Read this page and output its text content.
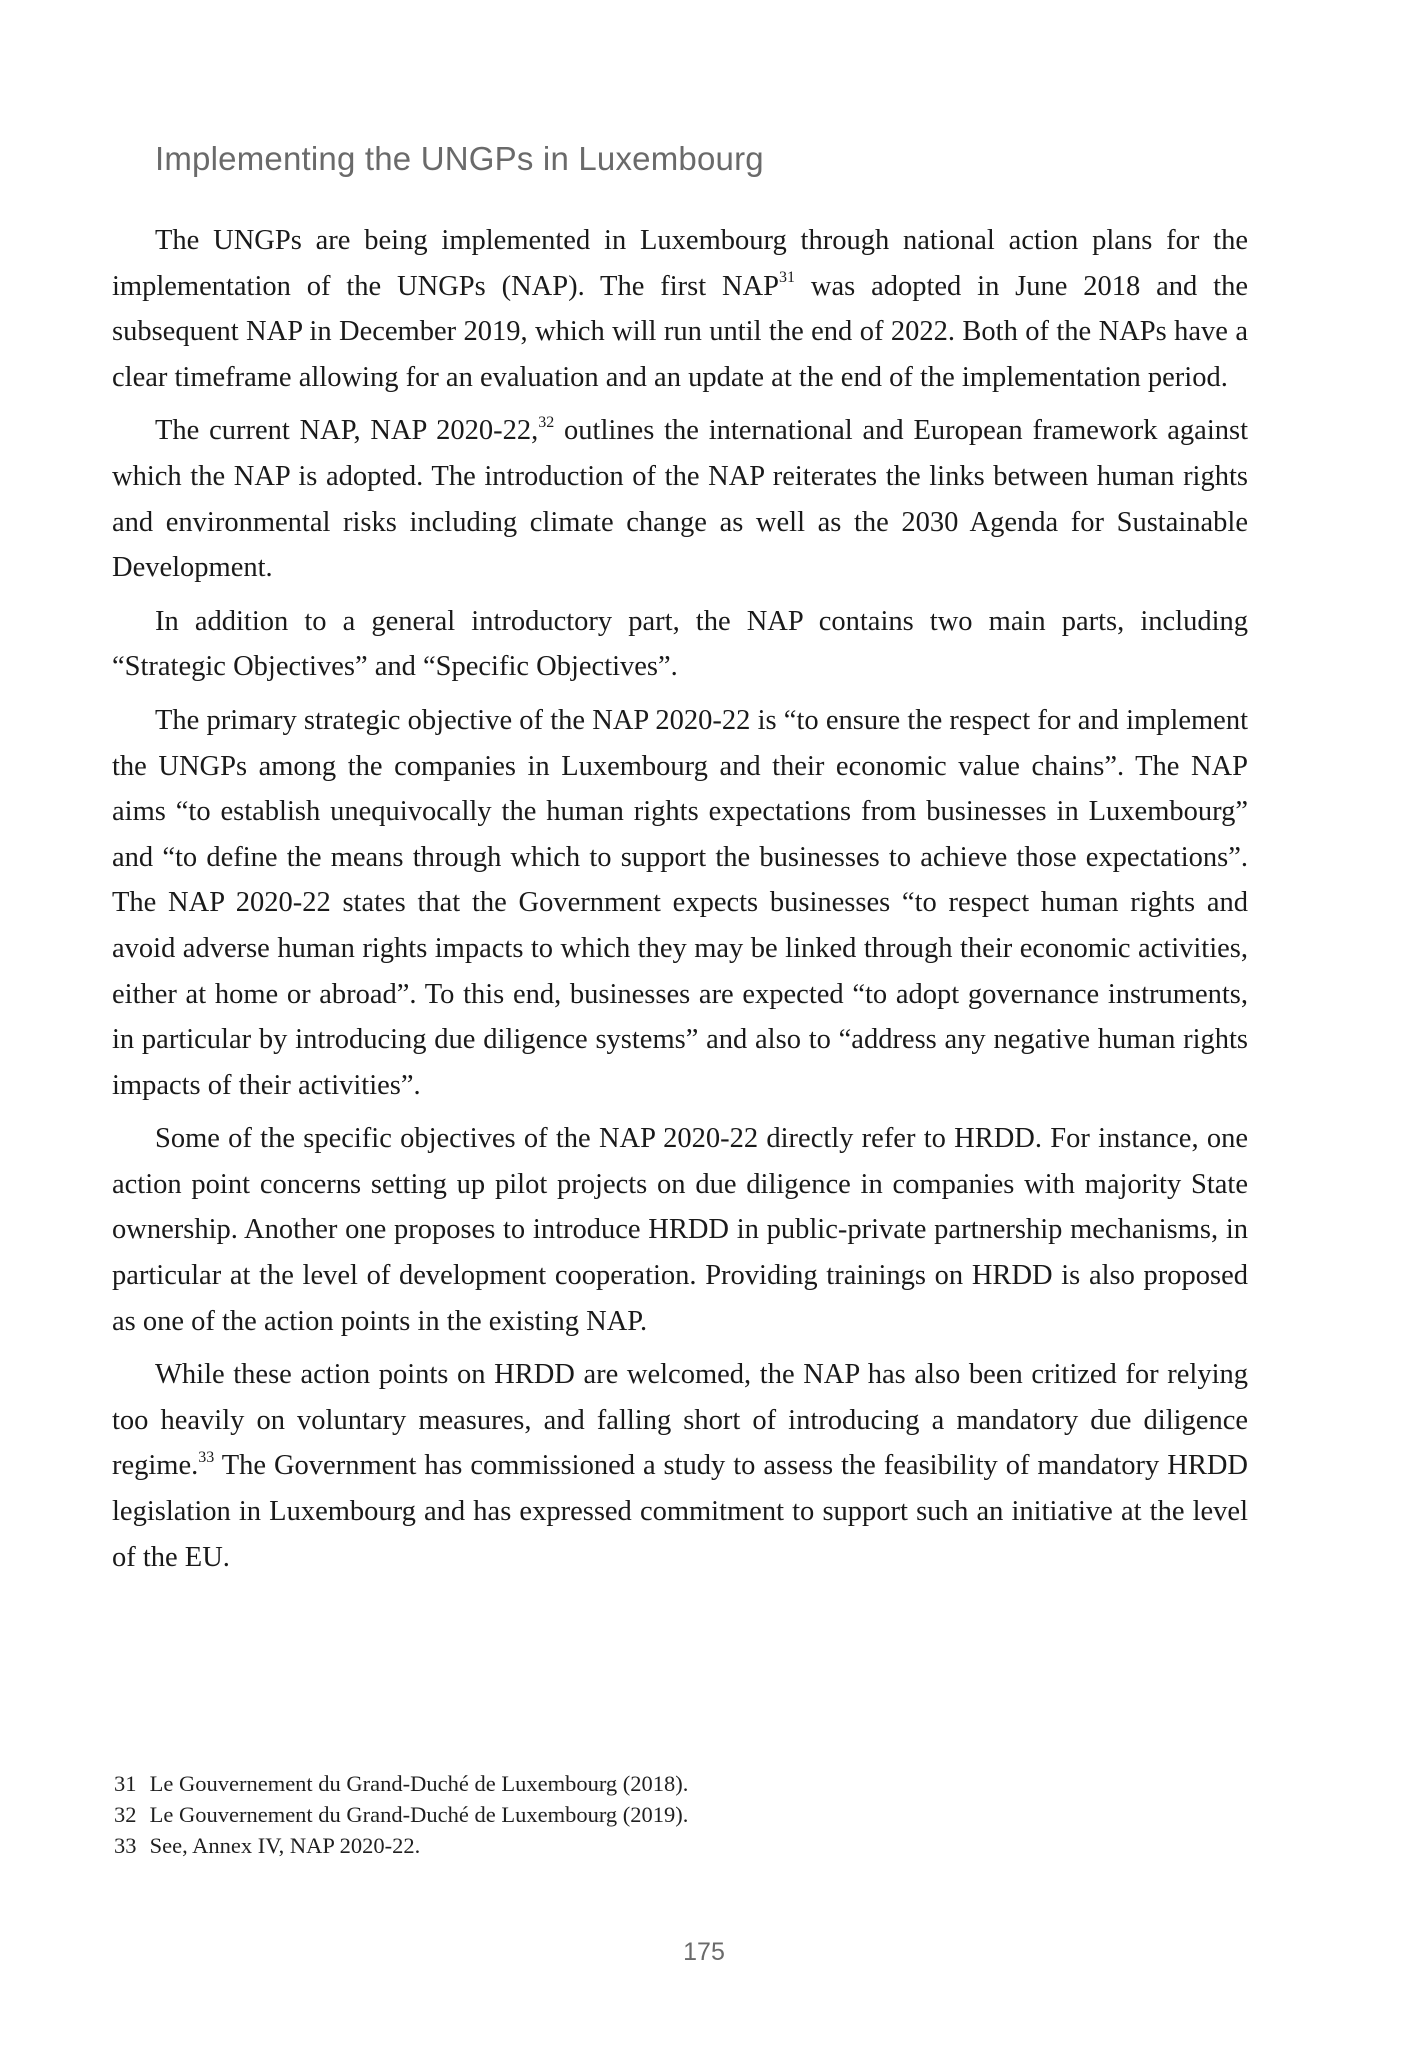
Implementing the UNGPs in Luxembourg

The UNGPs are being implemented in Luxembourg through national action plans for the implementation of the UNGPs (NAP). The first NAP$^{31}$ was adopted in June 2018 and the subsequent NAP in December 2019, which will run until the end of 2022. Both of the NAPs have a clear timeframe allowing for an evaluation and an update at the end of the implementation period.

The current NAP, NAP 2020-22,32 outlines the international and European framework against which the NAP is adopted. The introduction of the NAP reiterates the links between human rights and environmental risks including climate change as well as the 2030 Agenda for Sustainable Development.

In addition to a general introductory part, the NAP contains two main parts, including “Strategic Objectives” and “Specific Objectives”.

The primary strategic objective of the NAP 2020-22 is “to ensure the respect for and implement the UNGPs among the companies in Luxembourg and their economic value chains”. The NAP aims “to establish unequivocally the human rights expectations from businesses in Luxembourg” and “to define the means through which to support the businesses to achieve those expectations”. The NAP 2020-22 states that the Government expects businesses “to respect human rights and avoid adverse human rights impacts to which they may be linked through their economic activities, either at home or abroad”. To this end, businesses are expected “to adopt governance instruments, in particular by introducing due diligence systems” and also to “address any negative human rights impacts of their activities”.

Some of the specific objectives of the NAP 2020-22 directly refer to HRDD. For instance, one action point concerns setting up pilot projects on due diligence in companies with majority State ownership. Another one proposes to introduce HRDD in public-private partnership mechanisms, in particular at the level of development cooperation. Providing trainings on HRDD is also proposed as one of the action points in the existing NAP.

While these action points on HRDD are welcomed, the NAP has also been critized for relying too heavily on voluntary measures, and falling short of introducing a mandatory due diligence regime.$^{33}$ The Government has commissioned a study to assess the feasibility of mandatory HRDD legislation in Luxembourg and has expressed commitment to support such an initiative at the level of the EU.

31 Le Gouvernement du Grand-Duché de Luxembourg (2018).

32 Le Gouvernement du Grand-Duché de Luxembourg (2019).

33 See, Annex IV, NAP 2020-22.

175
